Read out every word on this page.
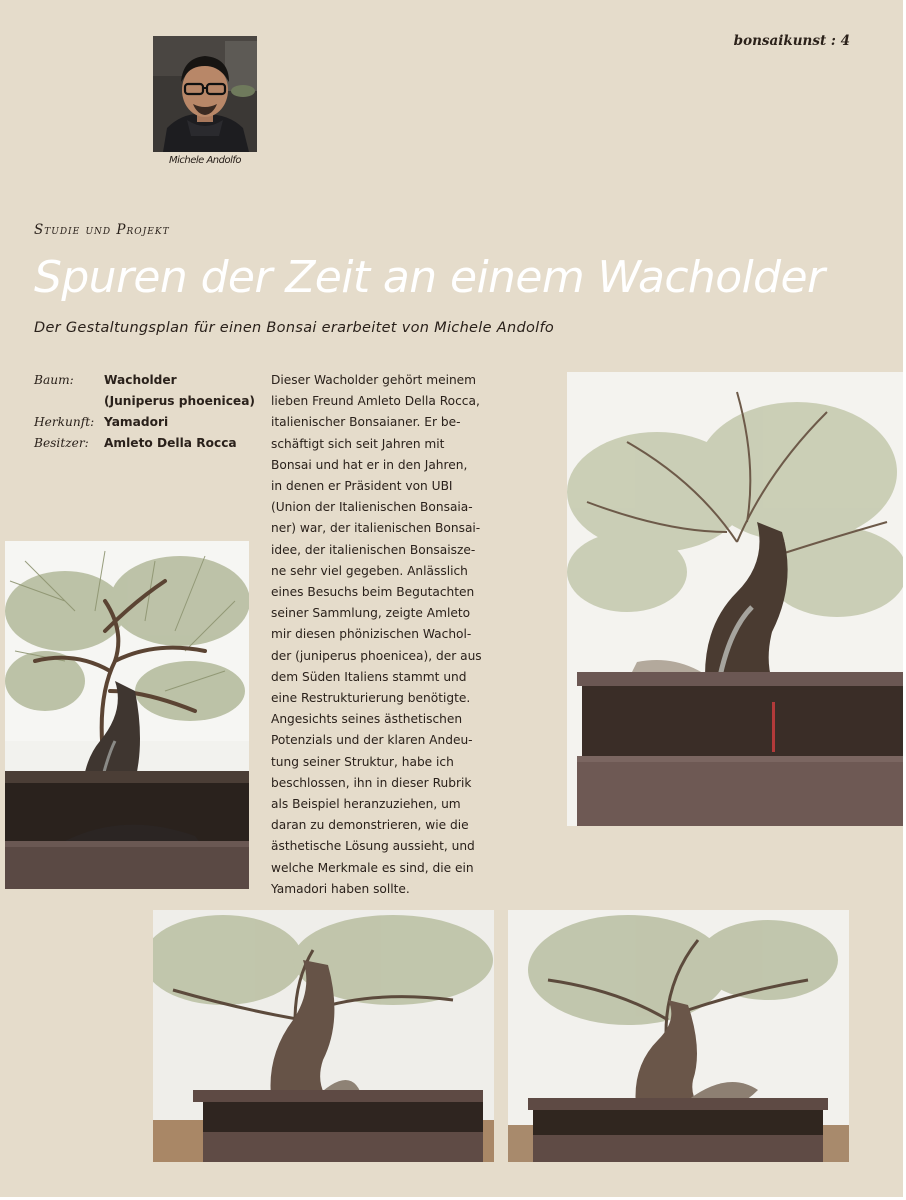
bonsaikunst : 4
Michele Andolfo
Studie und Projekt
Spuren der Zeit an einem Wacholder
Der Gestaltungsplan für einen Bonsai erarbeitet von Michele Andolfo
Baum:	Wacholder
(Juniperus phoenicea)
Herkunft: Yamadori
Besitzer:	Amleto Della Rocca
Dieser Wacholder gehört meinem
lieben Freund Amleto Della Rocca,
italienischer Bonsaianer. Er be-
schäftigt sich seit Jahren mit
Bonsai und hat er in den Jahren,
in denen er Präsident von UBI
(Union der Italienischen Bonsaia-
ner) war, der italienischen Bonsai-
idee, der italienischen Bonsaisze-
ne sehr viel gegeben. Anlässlich
eines Besuchs beim Begutachten
seiner Sammlung, zeigte Amleto
mir diesen phönizischen Wachol-
der (juniperus phoenicea), der aus
dem Süden Italiens stammt und
eine Restrukturierung benötigte.
Angesichts seines ästhetischen
Potenzials und der klaren Andeu-
tung seiner Struktur, habe ich
beschlossen, ihn in dieser Rubrik
als Beispiel heranzuziehen, um
daran zu demonstrieren, wie die
ästhetische Lösung aussieht, und
welche Merkmale es sind, die ein
Yamadori haben sollte.
